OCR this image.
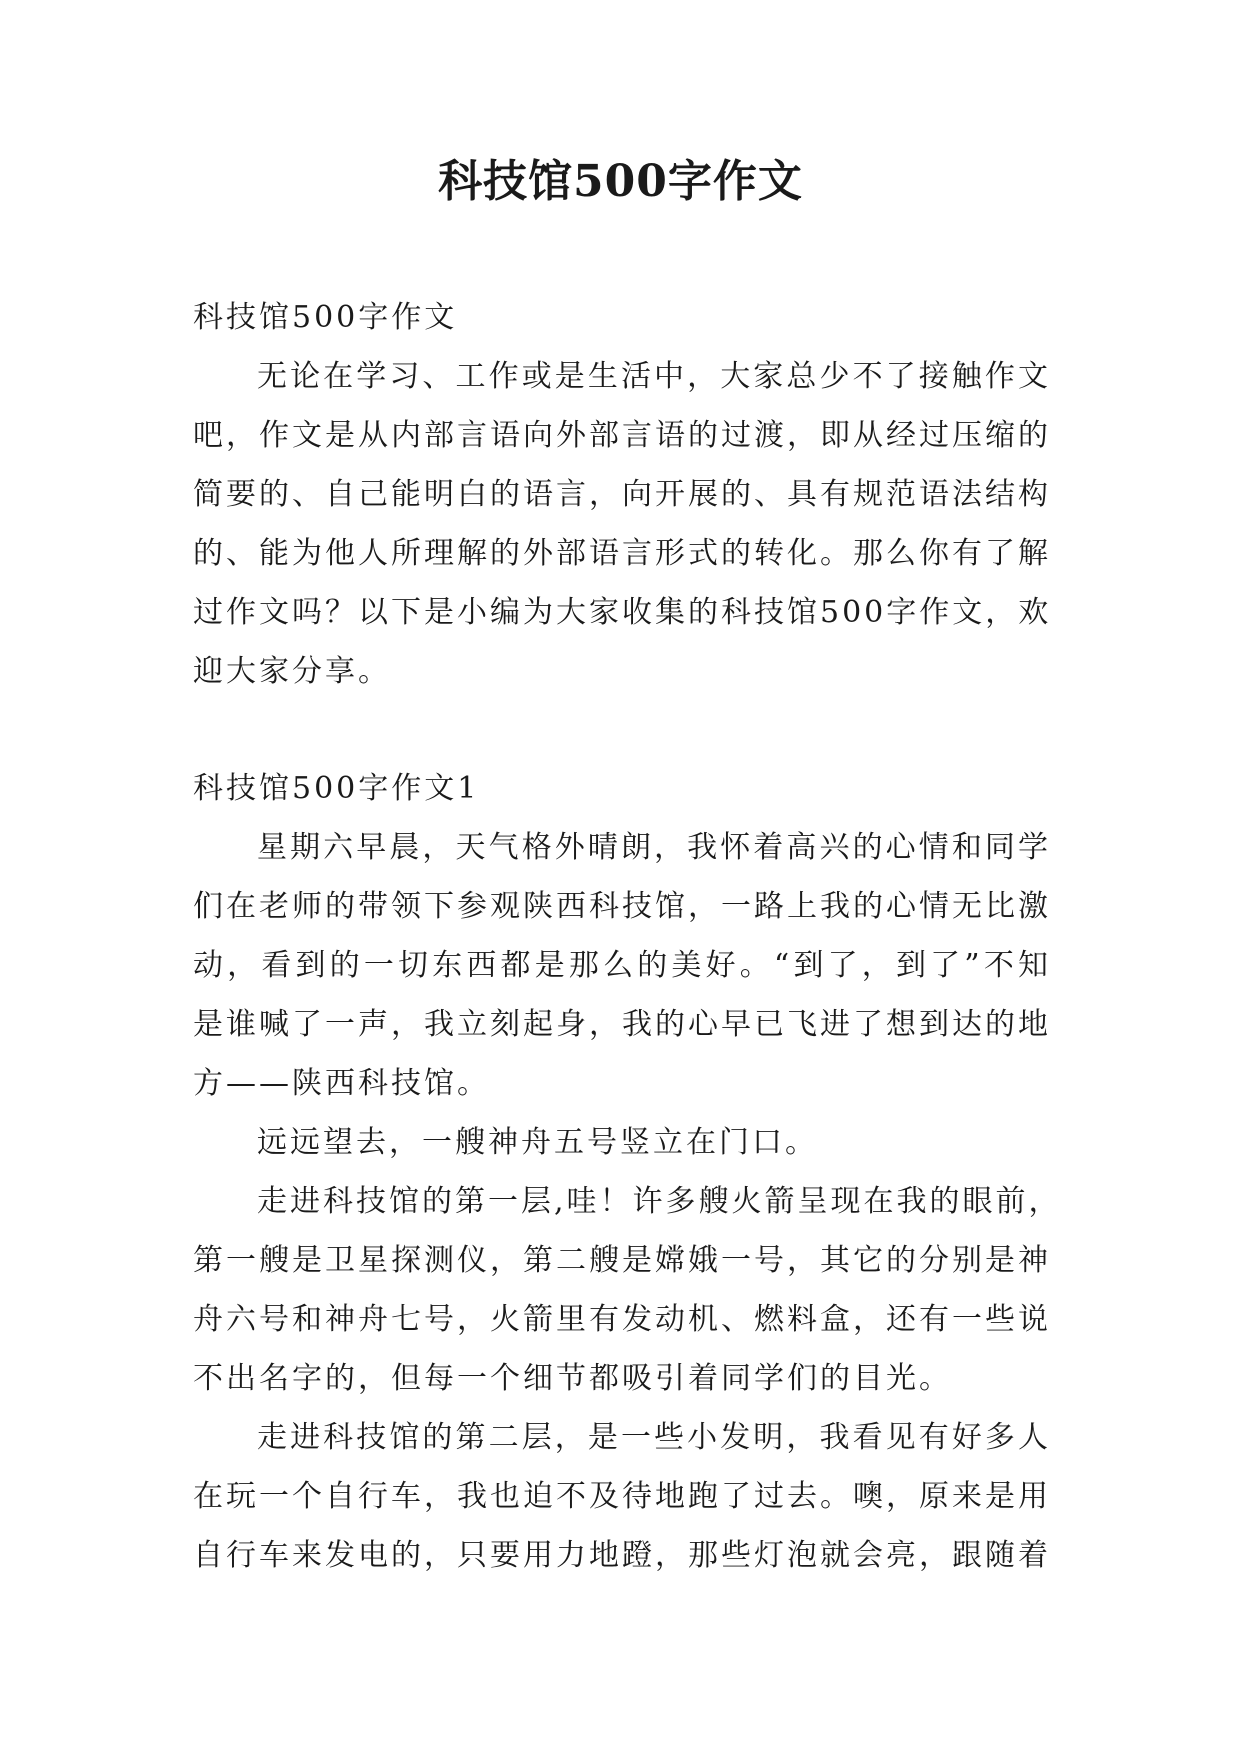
科技馆500字作文
科技馆500字作文
无论在学习、工作或是生活中，大家总少不了接触作文
吧，作文是从内部言语向外部言语的过渡，即从经过压缩的
简要的、自己能明白的语言，向开展的、具有规范语法结构
的、能为他人所理解的外部语言形式的转化。那么你有了解
过作文吗？以下是小编为大家收集的科技馆500字作文，欢
迎大家分享。
科技馆500字作文1
星期六早晨，天气格外晴朗，我怀着高兴的心情和同学
们在老师的带领下参观陕西科技馆，一路上我的心情无比激
动，看到的一切东西都是那么的美好。“到了，到了”不知
是谁喊了一声，我立刻起身，我的心早已飞进了想到达的地
方——陕西科技馆。
远远望去，一艘神舟五号竖立在门口。
走进科技馆的第一层,哇！许多艘火箭呈现在我的眼前，
第一艘是卫星探测仪，第二艘是嫦娥一号，其它的分别是神
舟六号和神舟七号，火箭里有发动机、燃料盒，还有一些说
不出名字的，但每一个细节都吸引着同学们的目光。
走进科技馆的第二层，是一些小发明，我看见有好多人
在玩一个自行车，我也迫不及待地跑了过去。噢，原来是用
自行车来发电的，只要用力地蹬，那些灯泡就会亮，跟随着
